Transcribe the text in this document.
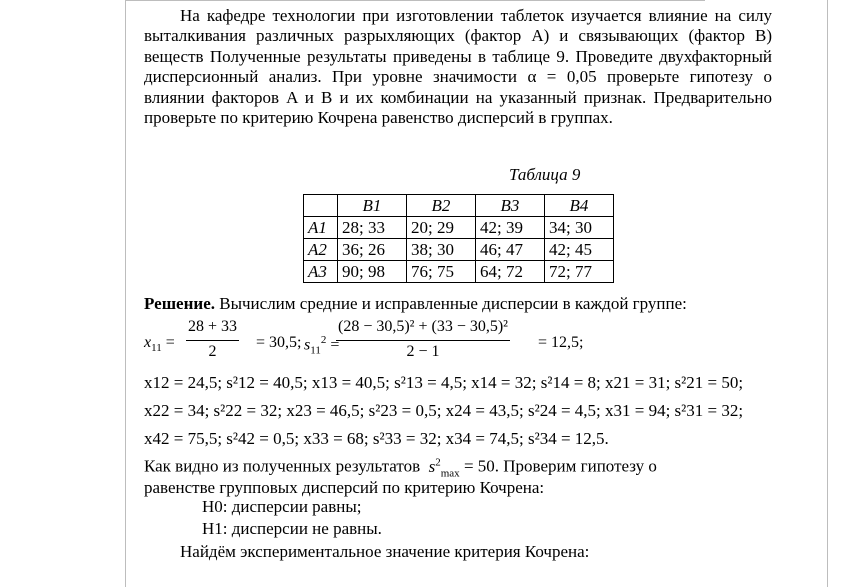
На кафедре технологии при изготовлении таблеток изучается влияние на силу выталкивания различных разрыхляющих (фактор А) и связывающих (фактор В) веществ Полученные результаты приведены в таблице 9. Проведите двухфакторный дисперсионный анализ. При уровне значимости α = 0,05 проверьте гипотезу о влиянии факторов A и B и их комбинации на указанный признак. Предварительно проверьте по критерию Кочрена равенство дисперсий в группах.
Таблица 9
	B1	B2	B3	B4
A1	28; 33	20; 29	42; 39	34; 30
A2	36; 26	38; 30	46; 47	42; 45
A3	90; 98	76; 75	64; 72	72; 77
Решение. Вычислим средние и исправленные дисперсии в каждой группе:
$x_{11} = \frac{28 + 33}{2} = 30,5$; $s_{11}^2$ =
$\frac{\text{(28 − 30,5)² + (33 − 30,5)²}}{2 - 1} = 12,5$;
x12 = 24,5; s²12 = 40,5; x13 = 40,5; s²13 = 4,5; x14 = 32; s²14 = 8; x21 = 31; s²21 = 50;
x22 = 34; s²22 = 32; x23 = 46,5; s²23 = 0,5; x24 = 43,5; s²24 = 4,5; x31 = 94; s²31 = 32;
x42 = 75,5; s²42 = 0,5; x33 = 68; s²33 = 32; x34 = 74,5; s²34 = 12,5.
Как видно из полученных результатов $s^2_{max} = 50$. Проверим гипотезу о
равенстве групповых дисперсий по критерию Кочрена:
H0: дисперсии равны;
H1: дисперсии не равны.
Найдём экспериментальное значение критерия Кочрена:
